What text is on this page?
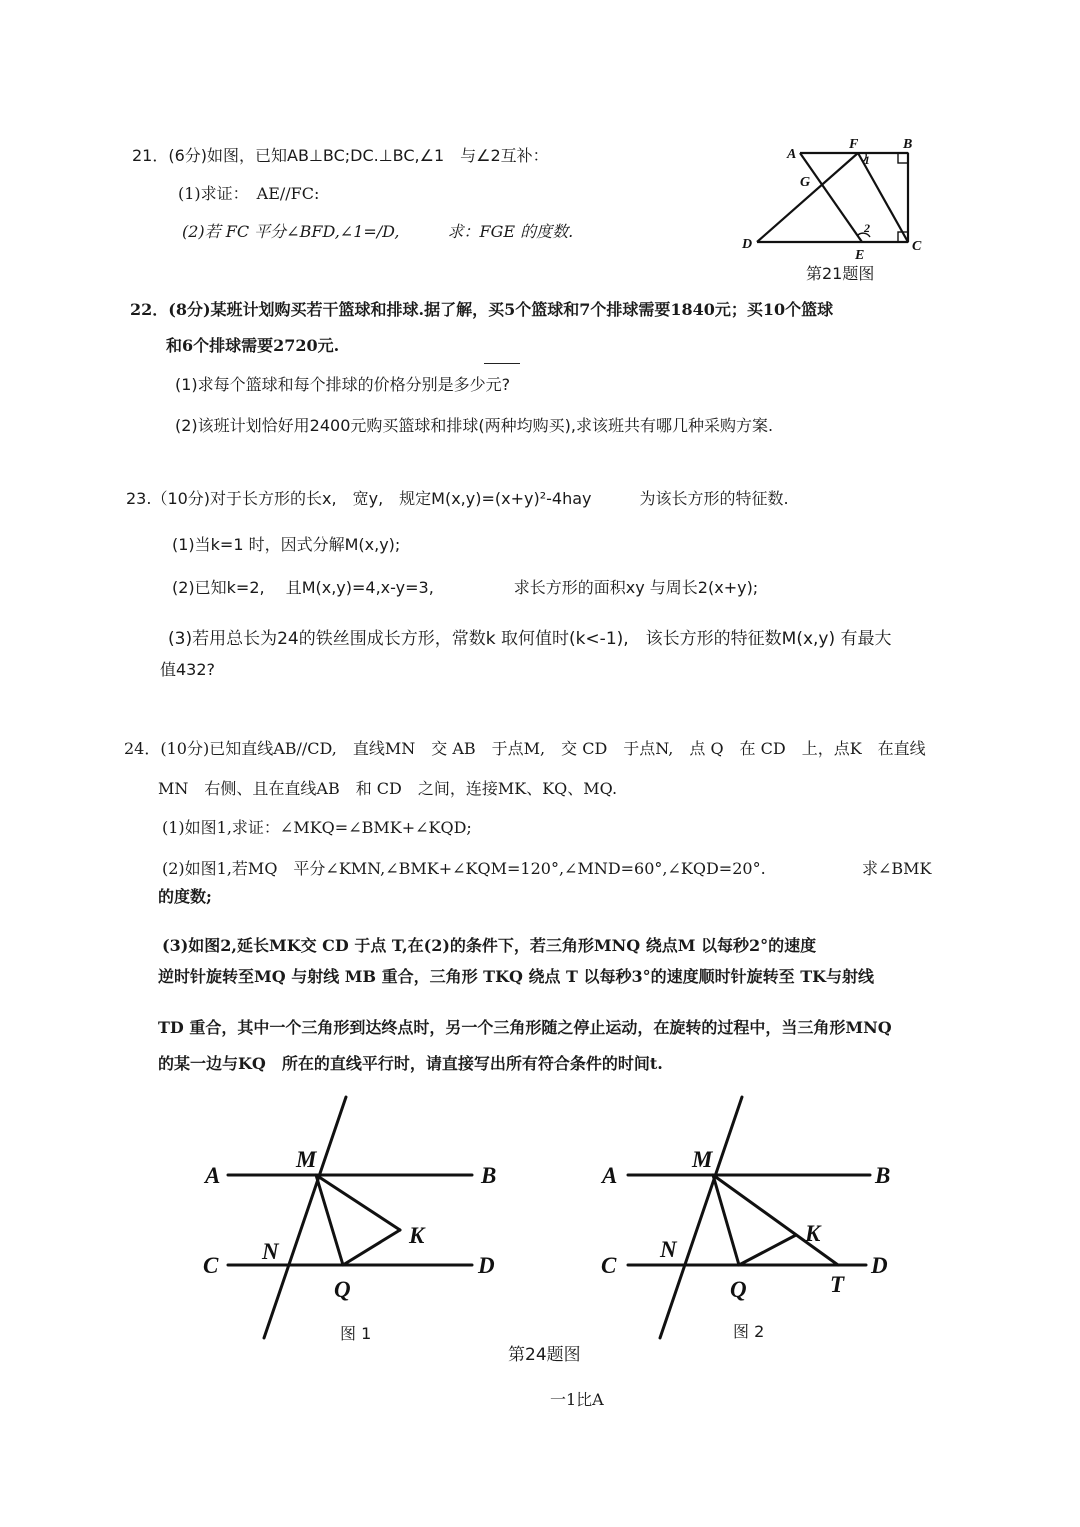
21．(6分)如图，已知AB⊥BC;DC.⊥BC,∠1　与∠2互补：
(1)求证：　AE//FC:
(2)若 FC 平分∠BFD,∠1=/D,　　　求：FGE 的度数.
A
F	B
G
1
2
D
E
C
第21题图
22．(8分)某班计划购买若干篮球和排球.据了解，买5个篮球和7个排球需要1840元；买10个篮球
和6个排球需要2720元.
(1)求每个篮球和每个排球的价格分别是多少元?
(2)该班计划恰好用2400元购买篮球和排球(两种均购买),求该班共有哪几种采购方案.
23.（10分)对于长方形的长x,　宽y,　规定M(x,y)=(x+y)²-4hay　　　为该长方形的特征数.
(1)当k=1 时，因式分解M(x,y);
(2)已知k=2,　 且M(x,y)=4,x-y=3,　　　　　求长方形的面积xy 与周长2(x+y);
(3)若用总长为24的铁丝围成长方形，常数k 取何值时(k<-1),　该长方形的特征数M(x,y) 有最大
值432?
24．(10分)已知直线AB//CD,　直线MN　交 AB　于点M,　交 CD　于点N,　点 Q　在 CD　上，点K　在直线
MN　右侧、且在直线AB　和 CD　之间，连接MK、KQ、MQ.
(1)如图1,求证：∠MKQ=∠BMK+∠KQD;
(2)如图1,若MQ　平分∠KMN,∠BMK+∠KQM=120°,∠MND=60°,∠KQD=20°.	求∠BMK
的度数;
(3)如图2,延长MK交 CD 于点 T,在(2)的条件下，若三角形MNQ 绕点M 以每秒2°的速度
逆时针旋转至MQ 与射线 MB 重合，三角形 TKQ 绕点 T 以每秒3°的速度顺时针旋转至 TK与射线
TD 重合，其中一个三角形到达终点时，另一个三角形随之停止运动，在旋转的过程中，当三角形MNQ
的某一边与KQ　所在的直线平行时，请直接写出所有符合条件的时间t.
A
M
B
K
C
N
D
Q
A
M
B
K
C
N
D
Q	T
图 1	图 2
第24题图
一1比A
